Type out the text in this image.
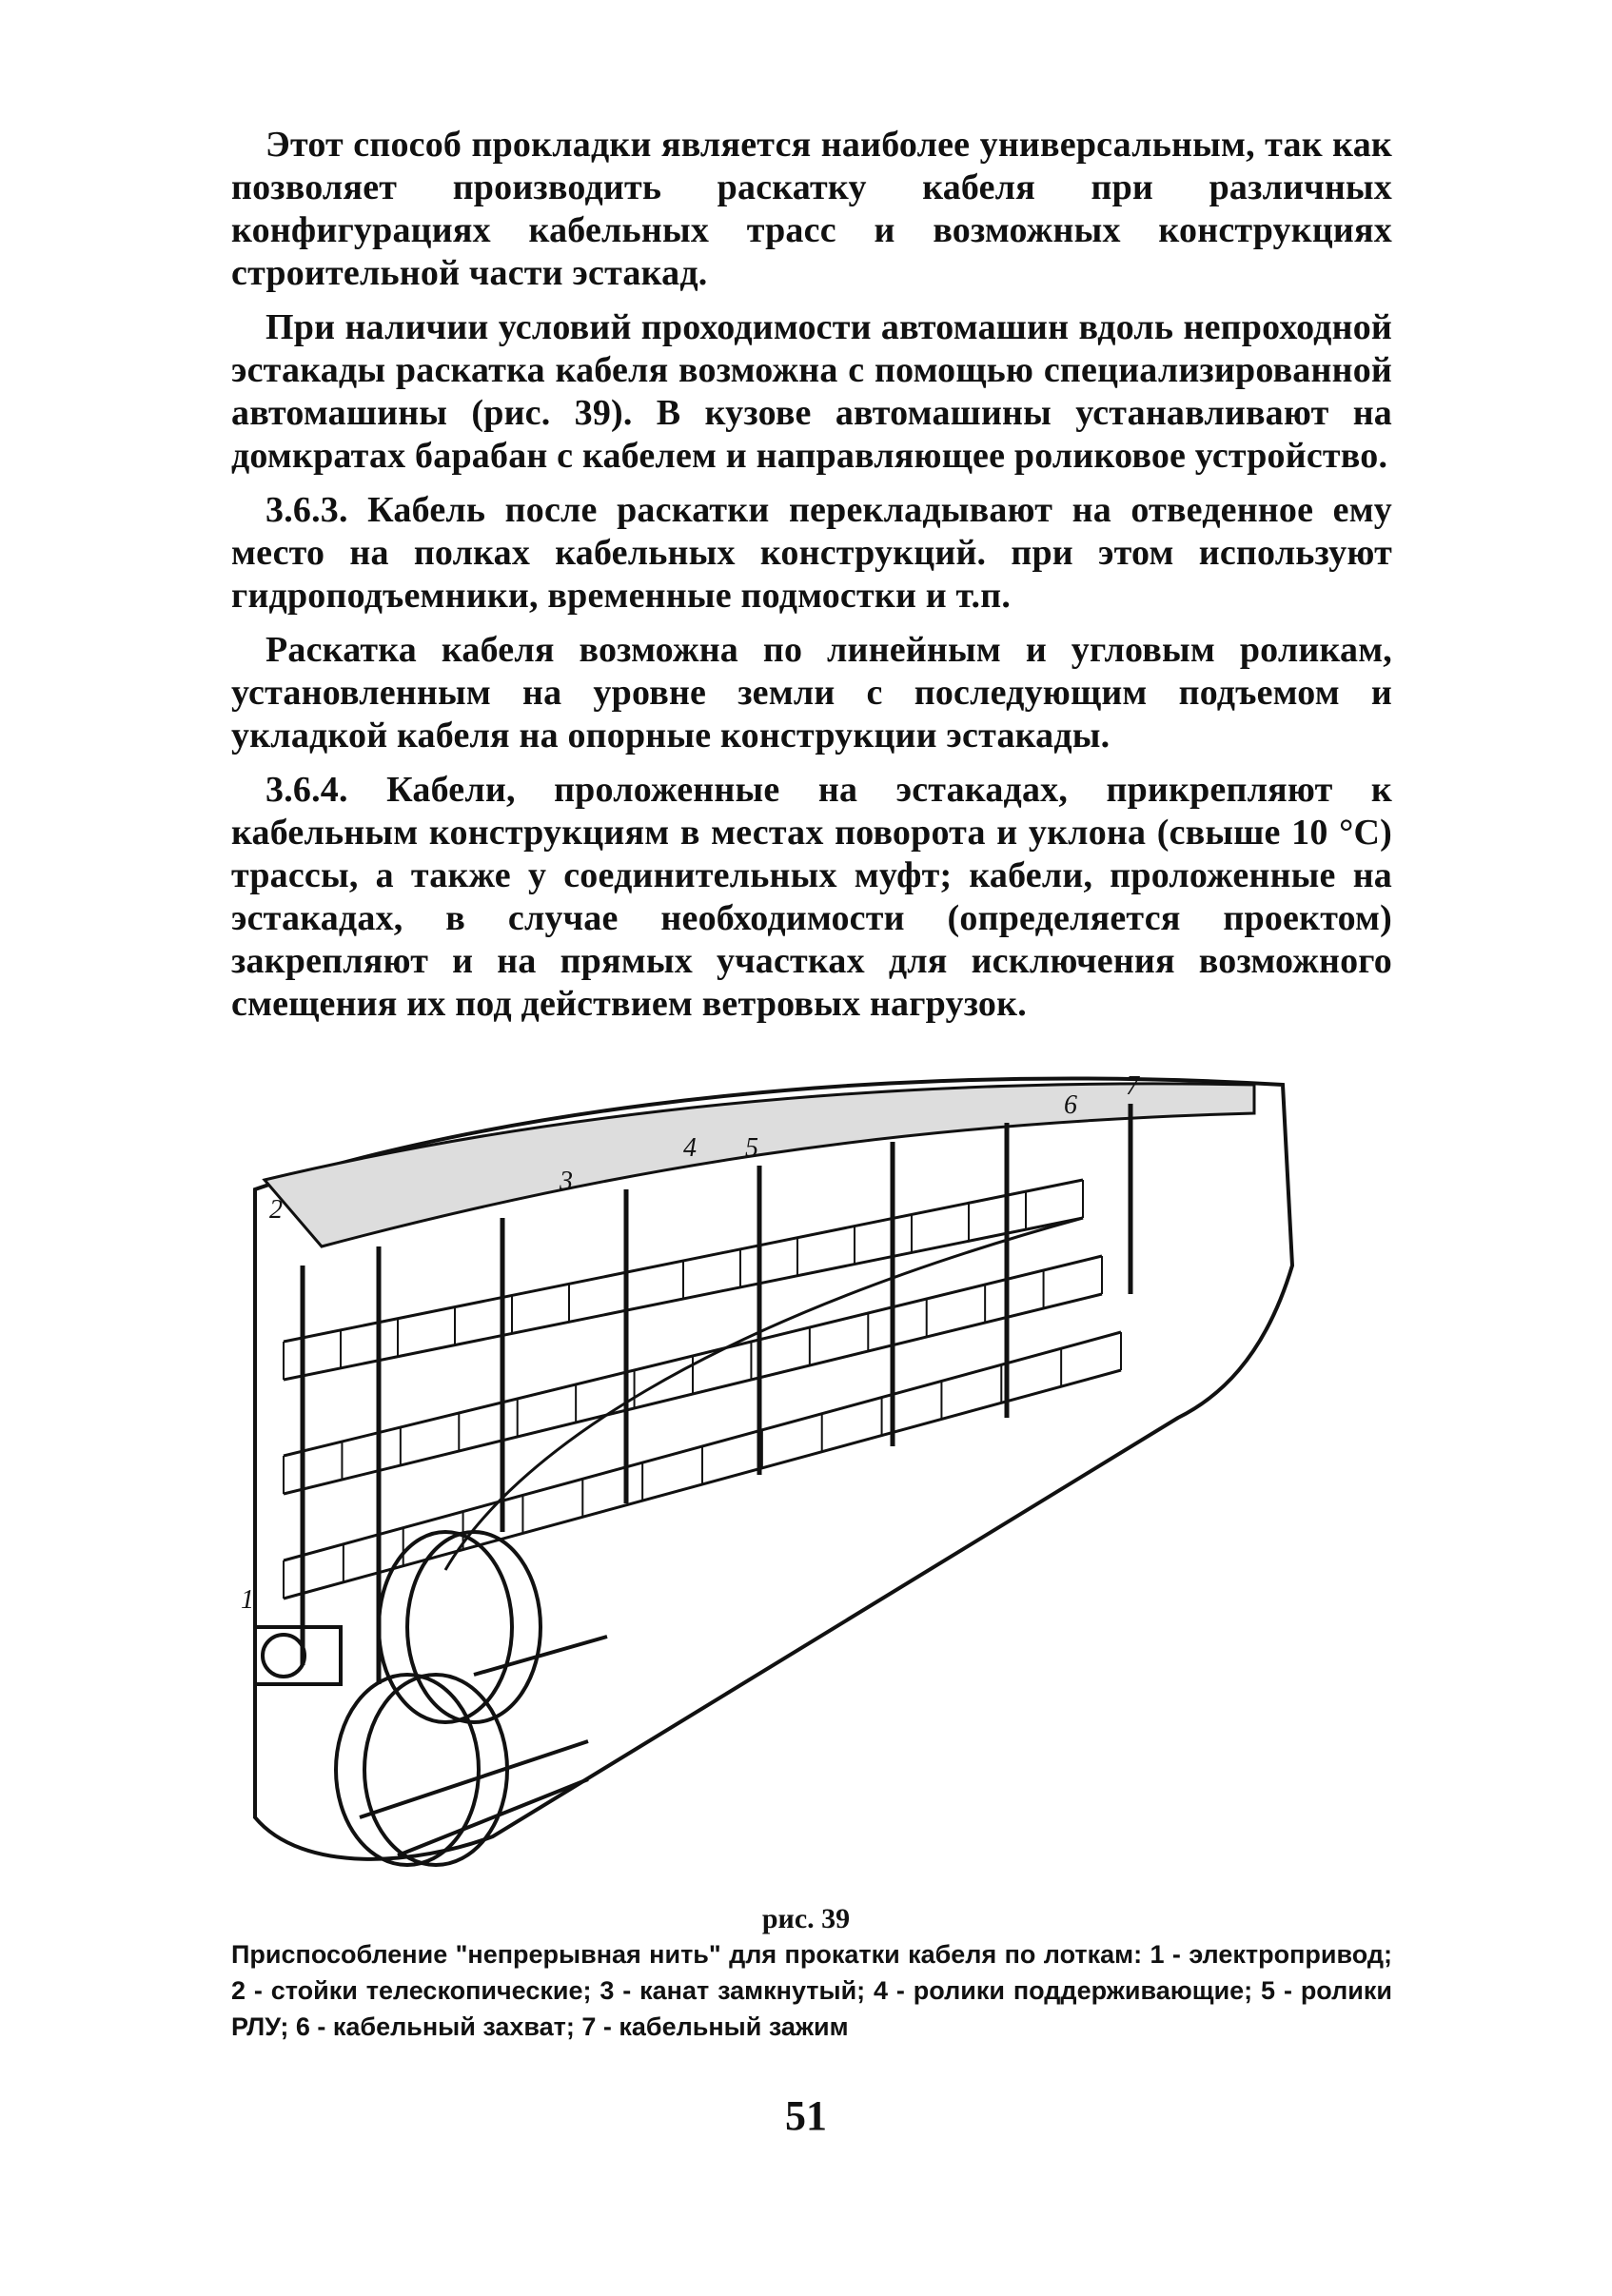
Этот способ прокладки является наиболее универсальным, так как позволяет производить раскатку кабеля при различных конфигурациях кабельных трасс и возможных конструкциях строительной части эстакад.

При наличии условий проходимости автомашин вдоль непроходной эстакады раскатка кабеля возможна с помощью специализированной автомашины (рис. 39). В кузове автомашины устанавливают на домкратах барабан с кабелем и направляющее роликовое устройство.

3.6.3. Кабель после раскатки перекладывают на отведенное ему место на полках кабельных конструкций. при этом используют гидроподъемники, временные подмостки и т.п.

Раскатка кабеля возможна по линейным и угловым роликам, установленным на уровне земли с последующим подъемом и укладкой кабеля на опорные конструкции эстакады.

3.6.4. Кабели, проложенные на эстакадах, прикрепляют к кабельным конструкциям в местах поворота и уклона (свыше 10 °С) трассы, а также у соединительных муфт; кабели, проложенные на эстакадах, в случае необходимости (определяется проектом) закрепляют и на прямых участках для исключения возможного смещения их под действием ветровых нагрузок.

1
2
3
4 5
6
7
рис. 39
Приспособление "непрерывная нить" для прокатки кабеля по лоткам: 1 - электропривод; 2 - стойки телескопические; 3 - канат замкнутый; 4 - ролики поддерживающие; 5 - ролики РЛУ; 6 - кабельный захват; 7 - кабельный зажим
51
